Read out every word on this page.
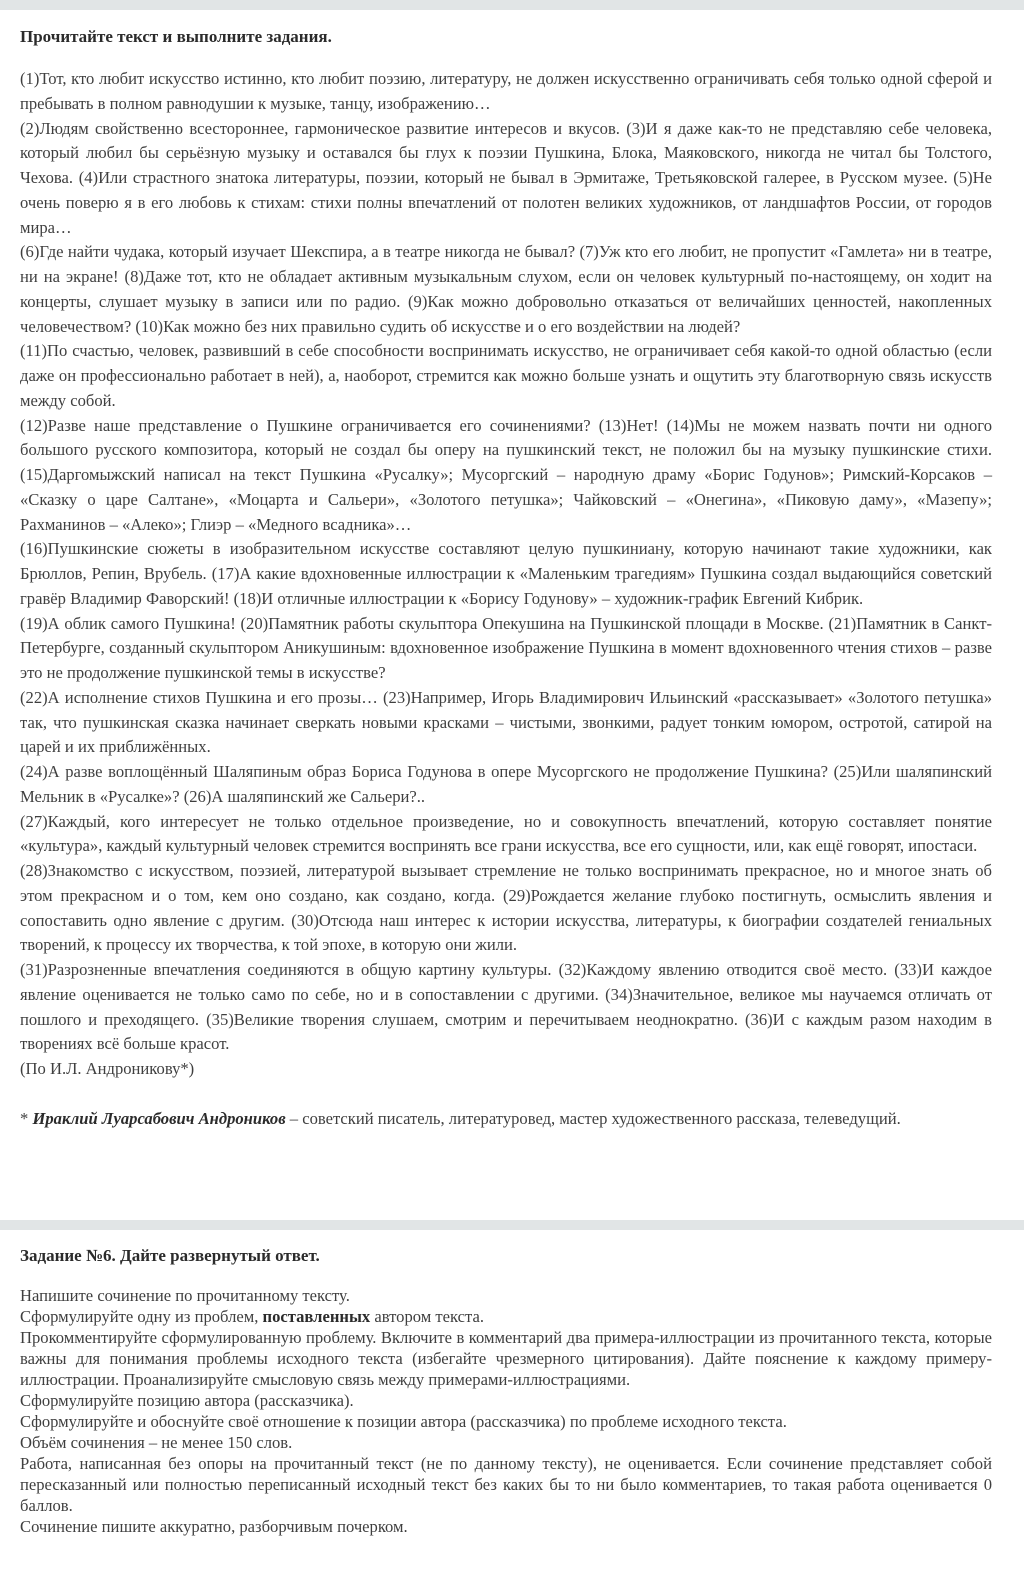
Прочитайте текст и выполните задания.

(1)Тот, кто любит искусство истинно, кто любит поэзию, литературу, не должен искусственно ограничивать себя только одной сферой и пребывать в полном равнодушии к музыке, танцу, изображению…

(2)Людям свойственно всестороннее, гармоническое развитие интересов и вкусов. (3)И я даже как-то не представляю себе человека, который любил бы серьёзную музыку и оставался бы глух к поэзии Пушкина, Блока, Маяковского, никогда не читал бы Толстого, Чехова. (4)Или страстного знатока литературы, поэзии, который не бывал в Эрмитаже, Третьяковской галерее, в Русском музее. (5)Не очень поверю я в его любовь к стихам: стихи полны впечатлений от полотен великих художников, от ландшафтов России, от городов мира…

(6)Где найти чудака, который изучает Шекспира, а в театре никогда не бывал? (7)Уж кто его любит, не пропустит «Гамлета» ни в театре, ни на экране! (8)Даже тот, кто не обладает активным музыкальным слухом, если он человек культурный по-настоящему, он ходит на концерты, слушает музыку в записи или по радио. (9)Как можно добровольно отказаться от величайших ценностей, накопленных человечеством? (10)Как можно без них правильно судить об искусстве и о его воздействии на людей?

(11)По счастью, человек, развивший в себе способности воспринимать искусство, не ограничивает себя какой-то одной областью (если даже он профессионально работает в ней), а, наоборот, стремится как можно больше узнать и ощутить эту благотворную связь искусств между собой.

(12)Разве наше представление о Пушкине ограничивается его сочинениями? (13)Нет! (14)Мы не можем назвать почти ни одного большого русского композитора, который не создал бы оперу на пушкинский текст, не положил бы на музыку пушкинские стихи. (15)Даргомыжский написал на текст Пушкина «Русалку»; Мусоргский – народную драму «Борис Годунов»; Римский-Корсаков – «Сказку о царе Салтане», «Моцарта и Сальери», «Золотого петушка»; Чайковский – «Онегина», «Пиковую даму», «Мазепу»; Рахманинов – «Алеко»; Глиэр – «Медного всадника»…

(16)Пушкинские сюжеты в изобразительном искусстве составляют целую пушкиниану, которую начинают такие художники, как Брюллов, Репин, Врубель. (17)А какие вдохновенные иллюстрации к «Маленьким трагедиям» Пушкина создал выдающийся советский гравёр Владимир Фаворский! (18)И отличные иллюстрации к «Борису Годунову» – художник-график Евгений Кибрик.

(19)А облик самого Пушкина! (20)Памятник работы скульптора Опекушина на Пушкинской площади в Москве. (21)Памятник в Санкт-Петербурге, созданный скульптором Аникушиным: вдохновенное изображение Пушкина в момент вдохновенного чтения стихов – разве это не продолжение пушкинской темы в искусстве?

(22)А исполнение стихов Пушкина и его прозы… (23)Например, Игорь Владимирович Ильинский «рассказывает» «Золотого петушка» так, что пушкинская сказка начинает сверкать новыми красками – чистыми, звонкими, радует тонким юмором, остротой, сатирой на царей и их приближённых.

(24)А разве воплощённый Шаляпиным образ Бориса Годунова в опере Мусоргского не продолжение Пушкина? (25)Или шаляпинский Мельник в «Русалке»? (26)А шаляпинский же Сальери?..

(27)Каждый, кого интересует не только отдельное произведение, но и совокупность впечатлений, которую составляет понятие «культура», каждый культурный человек стремится воспринять все грани искусства, все его сущности, или, как ещё говорят, ипостаси.

(28)Знакомство с искусством, поэзией, литературой вызывает стремление не только воспринимать прекрасное, но и многое знать об этом прекрасном и о том, кем оно создано, как создано, когда. (29)Рождается желание глубоко постигнуть, осмыслить явления и сопоставить одно явление с другим. (30)Отсюда наш интерес к истории искусства, литературы, к биографии создателей гениальных творений, к процессу их творчества, к той эпохе, в которую они жили.

(31)Разрозненные впечатления соединяются в общую картину культуры. (32)Каждому явлению отводится своё место. (33)И каждое явление оценивается не только само по себе, но и в сопоставлении с другими. (34)Значительное, великое мы научаемся отличать от пошлого и преходящего. (35)Великие творения слушаем, смотрим и перечитываем неоднократно. (36)И с каждым разом находим в творениях всё больше красот.

(По И.Л. Андроникову*)

* Ираклий Луарсабович Андроников – советский писатель, литературовед, мастер художественного рассказа, телеведущий.

Задание №6. Дайте развернутый ответ.

Напишите сочинение по прочитанному тексту.

Сформулируйте одну из проблем, поставленных автором текста.

Прокомментируйте сформулированную проблему. Включите в комментарий два примера-иллюстрации из прочитанного текста, которые важны для понимания проблемы исходного текста (избегайте чрезмерного цитирования). Дайте пояснение к каждому примеру-иллюстрации. Проанализируйте смысловую связь между примерами-иллюстрациями.

Сформулируйте позицию автора (рассказчика).

Сформулируйте и обоснуйте своё отношение к позиции автора (рассказчика) по проблеме исходного текста.

Объём сочинения – не менее 150 слов.

Работа, написанная без опоры на прочитанный текст (не по данному тексту), не оценивается. Если сочинение представляет собой пересказанный или полностью переписанный исходный текст без каких бы то ни было комментариев, то такая работа оценивается 0 баллов.

Сочинение пишите аккуратно, разборчивым почерком.
